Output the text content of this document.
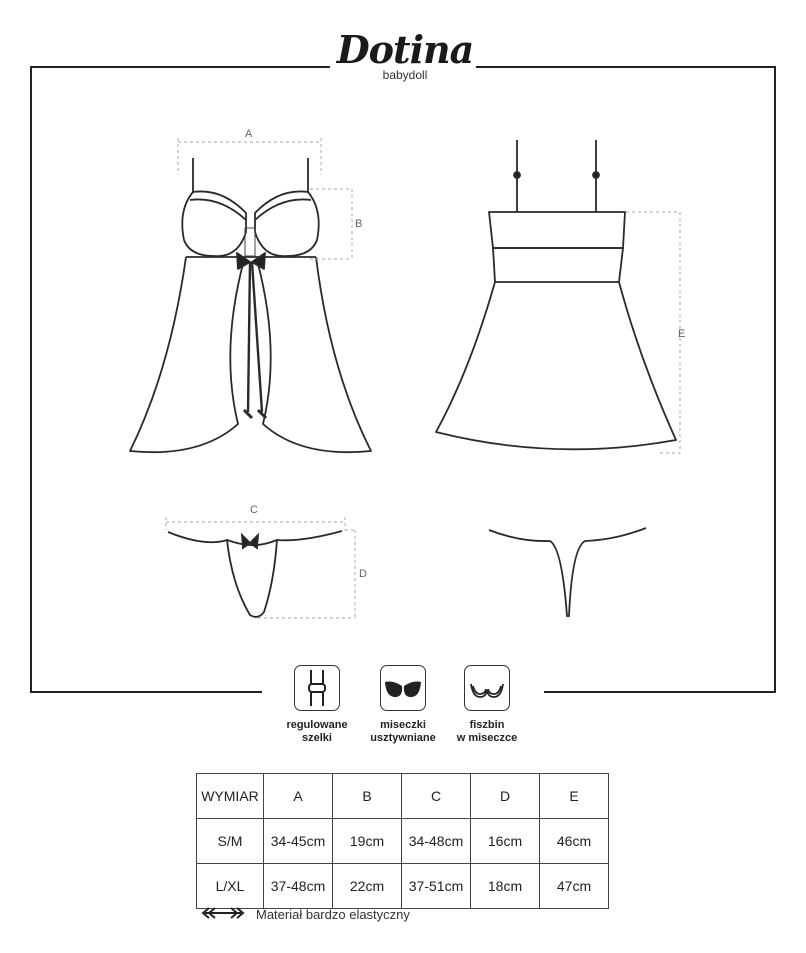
Dotina
babydoll
A
B
C
D
E
regulowane
szelki
miseczki
usztywniane
fiszbin
w miseczce
WYMIAR	A	B	C	D	E
S/M	34-45cm	19cm	34-48cm	16cm	46cm
L/XL	37-48cm	22cm	37-51cm	18cm	47cm
Materiał bardzo elastyczny
